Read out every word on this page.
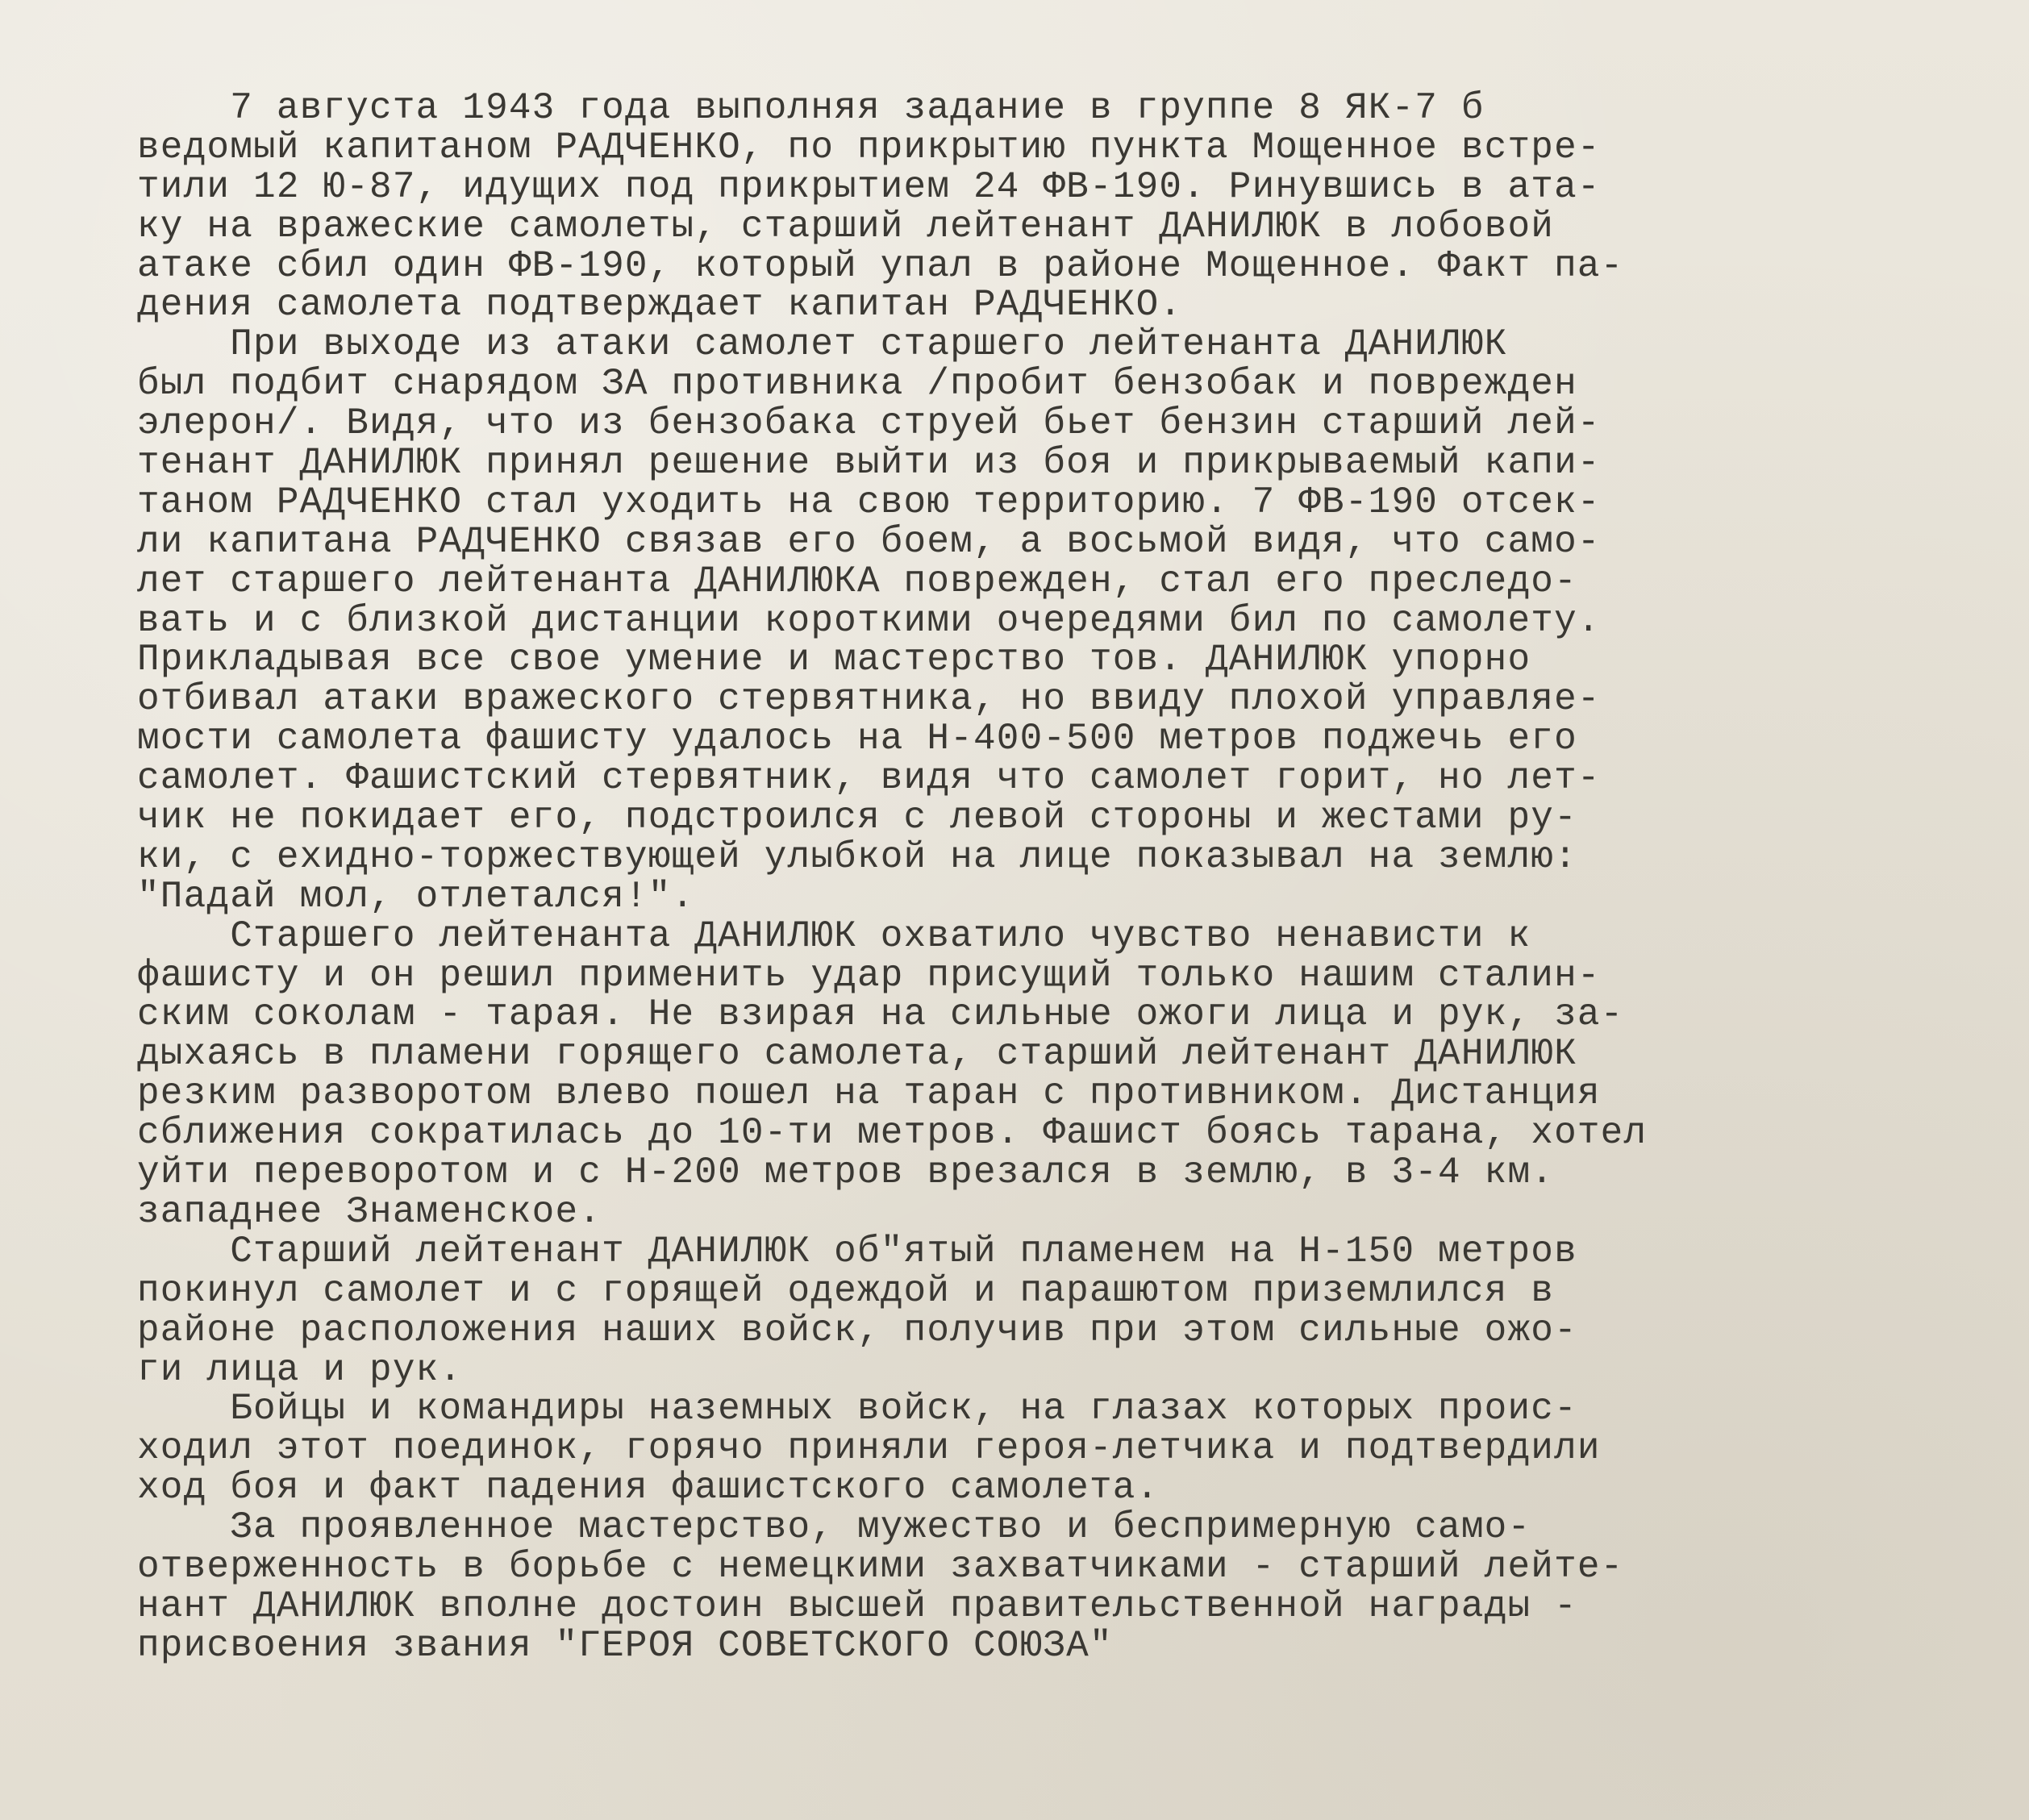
7 августа 1943 года выполняя задание в группе 8 ЯК-7 б
ведомый капитаном РАДЧЕНКО, по прикрытию пункта Мощенное встре-
тили 12 Ю-87, идущих под прикрытием 24 ФВ-190. Ринувшись в ата-
ку на вражеские самолеты, старший лейтенант ДАНИЛЮК в лобовой
атаке сбил один ФВ-190, который упал в районе Мощенное. Факт па-
дения самолета подтверждает капитан РАДЧЕНКО.
При выходе из атаки самолет старшего лейтенанта ДАНИЛЮК
был подбит снарядом ЗА противника /пробит бензобак и поврежден
элерон/. Видя, что из бензобака струей бьет бензин старший лей-
тенант ДАНИЛЮК принял решение выйти из боя и прикрываемый капи-
таном РАДЧЕНКО стал уходить на свою территорию. 7 ФВ-190 отсек-
ли капитана РАДЧЕНКО связав его боем, а восьмой видя, что само-
лет старшего лейтенанта ДАНИЛЮКА поврежден, стал его преследо-
вать и с близкой дистанции короткими очередями бил по самолету.
Прикладывая все свое умение и мастерство тов. ДАНИЛЮК упорно
отбивал атаки вражеского стервятника, но ввиду плохой управляе-
мости самолета фашисту удалось на Н-400-500 метров поджечь его
самолет. Фашистский стервятник, видя что самолет горит, но лет-
чик не покидает его, подстроился с левой стороны и жестами ру-
ки, с ехидно-торжествующей улыбкой на лице показывал на землю:
"Падай мол, отлетался!".
Старшего лейтенанта ДАНИЛЮК охватило чувство ненависти к
фашисту и он решил применить удар присущий только нашим сталин-
ским соколам - тарая. Не взирая на сильные ожоги лица и рук, за-
дыхаясь в пламени горящего самолета, старший лейтенант ДАНИЛЮК
резким разворотом влево пошел на таран с противником. Дистанция
сближения сократилась до 10-ти метров. Фашист боясь тарана, хотел
уйти переворотом и с Н-200 метров врезался в землю, в 3-4 км.
западнее Знаменское.
Старший лейтенант ДАНИЛЮК об"ятый пламенем на Н-150 метров
покинул самолет и с горящей одеждой и парашютом приземлился в
районе расположения наших войск, получив при этом сильные ожо-
ги лица и рук.
Бойцы и командиры наземных войск, на глазах которых проис-
ходил этот поединок, горячо приняли героя-летчика и подтвердили
ход боя и факт падения фашистского самолета.
За проявленное мастерство, мужество и беспримерную само-
отверженность в борьбе с немецкими захватчиками - старший лейте-
нант ДАНИЛЮК вполне достоин высшей правительственной награды -
присвоения звания "ГЕРОЯ СОВЕТСКОГО СОЮЗА"
